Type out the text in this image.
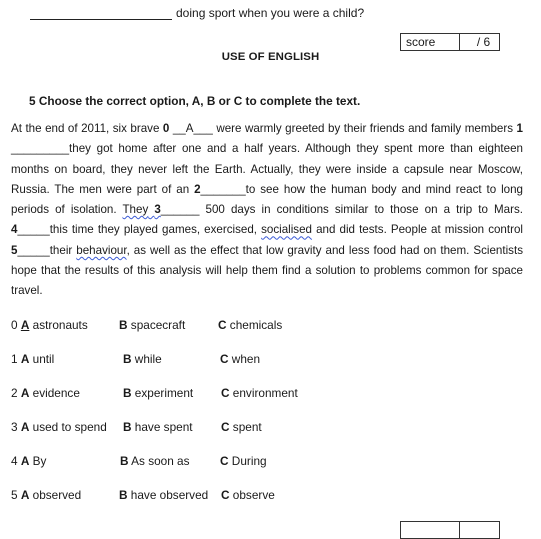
doing sport when you were a child?
score	/ 6
USE OF ENGLISH
5 Choose the correct option, A, B or C to complete the text.
At the end of 2011, six brave 0 __A___ were warmly greeted by their friends and family members 1 _________they got home after one and a half years. Although they spent more than eighteen months on board, they never left the Earth. Actually, they were inside a capsule near Moscow, Russia. The men were part of an 2_______to see how the human body and mind react to long periods of isolation. They 3______ 500 days in conditions similar to those on a trip to Mars. 4_____this time they played games, exercised, socialised and did tests. People at mission control 5_____their behaviour, as well as the effect that low gravity and less food had on them. Scientists hope that the results of this analysis will help them find a solution to problems common for space travel.
0 A astronauts	B spacecraft	C chemicals
1 A until	B while	C when
2 A evidence	B experiment C environment
3 A used to spend B have spent C spent
4 A By	B As soon as	C During
5 A observed	B have observed C observe
